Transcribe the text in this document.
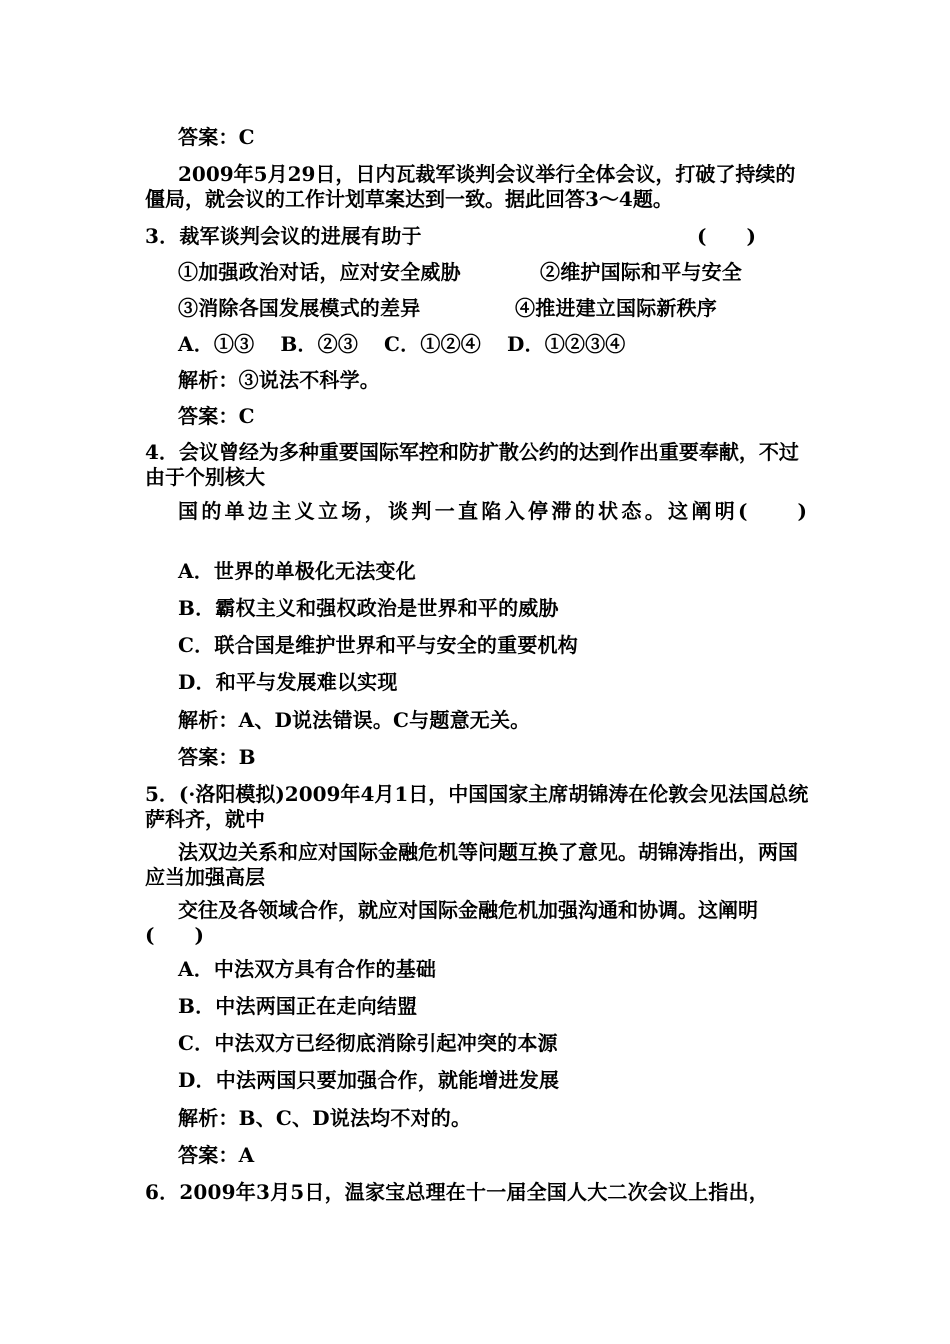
答案：C
2009年5月29日，日内瓦裁军谈判会议举行全体会议，打破了持续的僵局，就会议的工作计划草案达到一致。据此回答3～4题。
3．裁军谈判会议的进展有助于	(　　)
①加强政治对话，应对安全威胁	②维护国际和平与安全
③消除各国发展模式的差异	④推进建立国际新秩序
A．①③ B．②③ C．①②④ D．①②③④
解析：③说法不科学。
答案：C
4．会议曾经为多种重要国际军控和防扩散公约的达到作出重要奉献，不过由于个别核大
国的单边主义立场，谈判一直陷入停滞的状态。这阐明(　　)
A．世界的单极化无法变化
B．霸权主义和强权政治是世界和平的威胁
C．联合国是维护世界和平与安全的重要机构
D．和平与发展难以实现
解析：A、D说法错误。C与题意无关。
答案：B
5．(·洛阳模拟)2009年4月1日，中国国家主席胡锦涛在伦敦会见法国总统萨科齐，就中
法双边关系和应对国际金融危机等问题互换了意见。胡锦涛指出，两国应当加强高层
交往及各领域合作，就应对国际金融危机加强沟通和协调。这阐明　　(　　)
A．中法双方具有合作的基础
B．中法两国正在走向结盟
C．中法双方已经彻底消除引起冲突的本源
D．中法两国只要加强合作，就能增进发展
解析：B、C、D说法均不对的。
答案：A
6．2009年3月5日，温家宝总理在十一届全国人大二次会议上指出，
